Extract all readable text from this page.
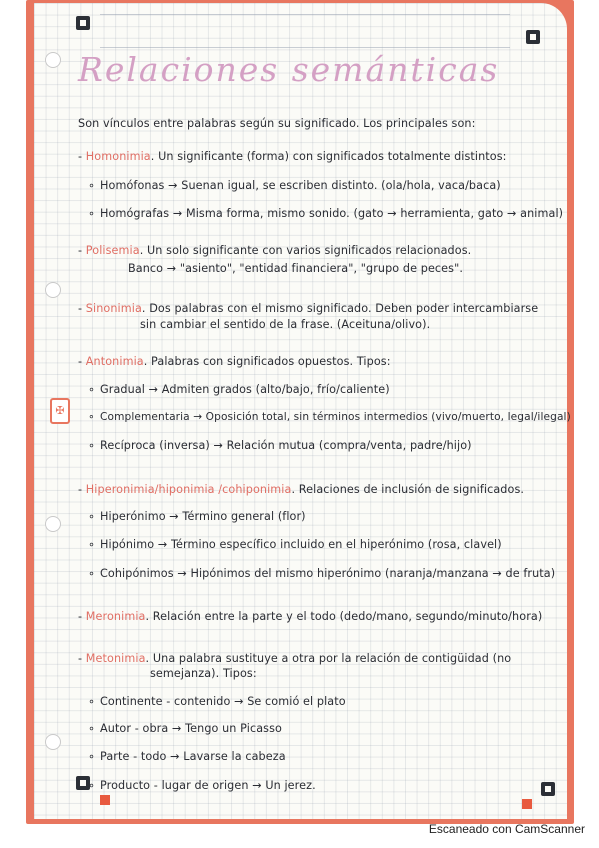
✠
Relaciones semánticas
Son vínculos entre palabras según su significado. Los principales son:
- Homonimia. Un significante (forma) con significados totalmente distintos:
∘ Homófonas → Suenan igual, se escriben distinto. (ola/hola, vaca/baca)
∘ Homógrafas → Misma forma, mismo sonido. (gato → herramienta, gato → animal)
- Polisemia. Un solo significante con varios significados relacionados.
Banco → "asiento", "entidad financiera", "grupo de peces".
- Sinonimia. Dos palabras con el mismo significado. Deben poder intercambiarse
sin cambiar el sentido de la frase. (Aceituna/olivo).
- Antonimia. Palabras con significados opuestos. Tipos:
∘ Gradual → Admiten grados (alto/bajo, frío/caliente)
∘ Complementaria → Oposición total, sin términos intermedios (vivo/muerto, legal/ilegal)
∘ Recíproca (inversa) → Relación mutua (compra/venta, padre/hijo)
- Hiperonimia/hiponimia /cohiponimia. Relaciones de inclusión de significados.
∘ Hiperónimo → Término general (flor)
∘ Hipónimo → Término específico incluido en el hiperónimo (rosa, clavel)
∘ Cohipónimos → Hipónimos del mismo hiperónimo (naranja/manzana → de fruta)
- Meronimia. Relación entre la parte y el todo (dedo/mano, segundo/minuto/hora)
- Metonimia. Una palabra sustituye a otra por la relación de contigüidad (no
semejanza). Tipos:
∘ Continente - contenido → Se comió el plato
∘ Autor - obra → Tengo un Picasso
∘ Parte - todo → Lavarse la cabeza
∘ Producto - lugar de origen → Un jerez.
Escaneado con CamScanner
